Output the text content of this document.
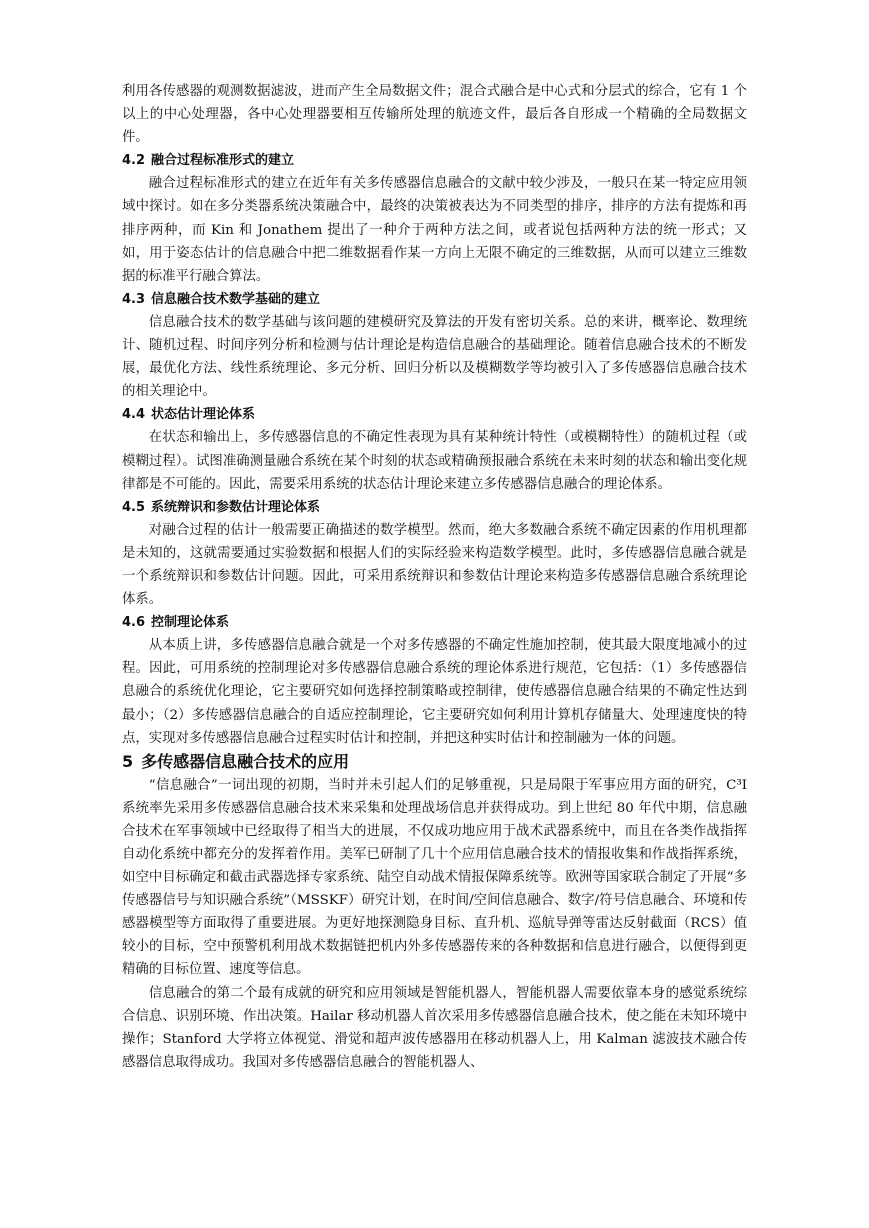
利用各传感器的观测数据滤波，进而产生全局数据文件；混合式融合是中心式和分层式的综合，它有 1 个以上的中心处理器，各中心处理器要相互传输所处理的航迹文件，最后各自形成一个精确的全局数据文件。

4.2 融合过程标准形式的建立

融合过程标准形式的建立在近年有关多传感器信息融合的文献中较少涉及，一般只在某一特定应用领域中探讨。如在多分类器系统决策融合中，最终的决策被表达为不同类型的排序，排序的方法有提炼和再排序两种，而 Kin 和 Jonathem 提出了一种介于两种方法之间，或者说包括两种方法的统一形式；又如，用于姿态估计的信息融合中把二维数据看作某一方向上无限不确定的三维数据，从而可以建立三维数据的标准平行融合算法。

4.3 信息融合技术数学基础的建立

信息融合技术的数学基础与该问题的建模研究及算法的开发有密切关系。总的来讲，概率论、数理统计、随机过程、时间序列分析和检测与估计理论是构造信息融合的基础理论。随着信息融合技术的不断发展，最优化方法、线性系统理论、多元分析、回归分析以及模糊数学等均被引入了多传感器信息融合技术的相关理论中。

4.4 状态估计理论体系

在状态和输出上，多传感器信息的不确定性表现为具有某种统计特性（或模糊特性）的随机过程（或模糊过程）。试图准确测量融合系统在某个时刻的状态或精确预报融合系统在未来时刻的状态和输出变化规律都是不可能的。因此，需要采用系统的状态估计理论来建立多传感器信息融合的理论体系。

4.5 系统辩识和参数估计理论体系

对融合过程的估计一般需要正确描述的数学模型。然而，绝大多数融合系统不确定因素的作用机理都是未知的，这就需要通过实验数据和根据人们的实际经验来构造数学模型。此时，多传感器信息融合就是一个系统辩识和参数估计问题。因此，可采用系统辩识和参数估计理论来构造多传感器信息融合系统理论体系。

4.6 控制理论体系

从本质上讲，多传感器信息融合就是一个对多传感器的不确定性施加控制，使其最大限度地减小的过程。因此，可用系统的控制理论对多传感器信息融合系统的理论体系进行规范，它包括：（1）多传感器信息融合的系统优化理论，它主要研究如何选择控制策略或控制律，使传感器信息融合结果的不确定性达到最小；（2）多传感器信息融合的自适应控制理论，它主要研究如何利用计算机存储量大、处理速度快的特点，实现对多传感器信息融合过程实时估计和控制，并把这种实时估计和控制融为一体的问题。

5 多传感器信息融合技术的应用

“信息融合”一词出现的初期，当时并未引起人们的足够重视，只是局限于军事应用方面的研究，C³I 系统率先采用多传感器信息融合技术来采集和处理战场信息并获得成功。到上世纪 80 年代中期，信息融合技术在军事领域中已经取得了相当大的进展，不仅成功地应用于战术武器系统中，而且在各类作战指挥自动化系统中都充分的发挥着作用。美军已研制了几十个应用信息融合技术的情报收集和作战指挥系统，如空中目标确定和截击武器选择专家系统、陆空自动战术情报保障系统等。欧洲等国家联合制定了开展“多传感器信号与知识融合系统”（MSSKF）研究计划，在时间/空间信息融合、数字/符号信息融合、环境和传感器模型等方面取得了重要进展。为更好地探测隐身目标、直升机、巡航导弹等雷达反射截面（RCS）值较小的目标，空中预警机利用战术数据链把机内外多传感器传来的各种数据和信息进行融合，以便得到更精确的目标位置、速度等信息。

信息融合的第二个最有成就的研究和应用领域是智能机器人，智能机器人需要依靠本身的感觉系统综合信息、识别环境、作出决策。Hailar 移动机器人首次采用多传感器信息融合技术，使之能在未知环境中操作；Stanford 大学将立体视觉、滑觉和超声波传感器用在移动机器人上，用 Kalman 滤波技术融合传感器信息取得成功。我国对多传感器信息融合的智能机器人、
